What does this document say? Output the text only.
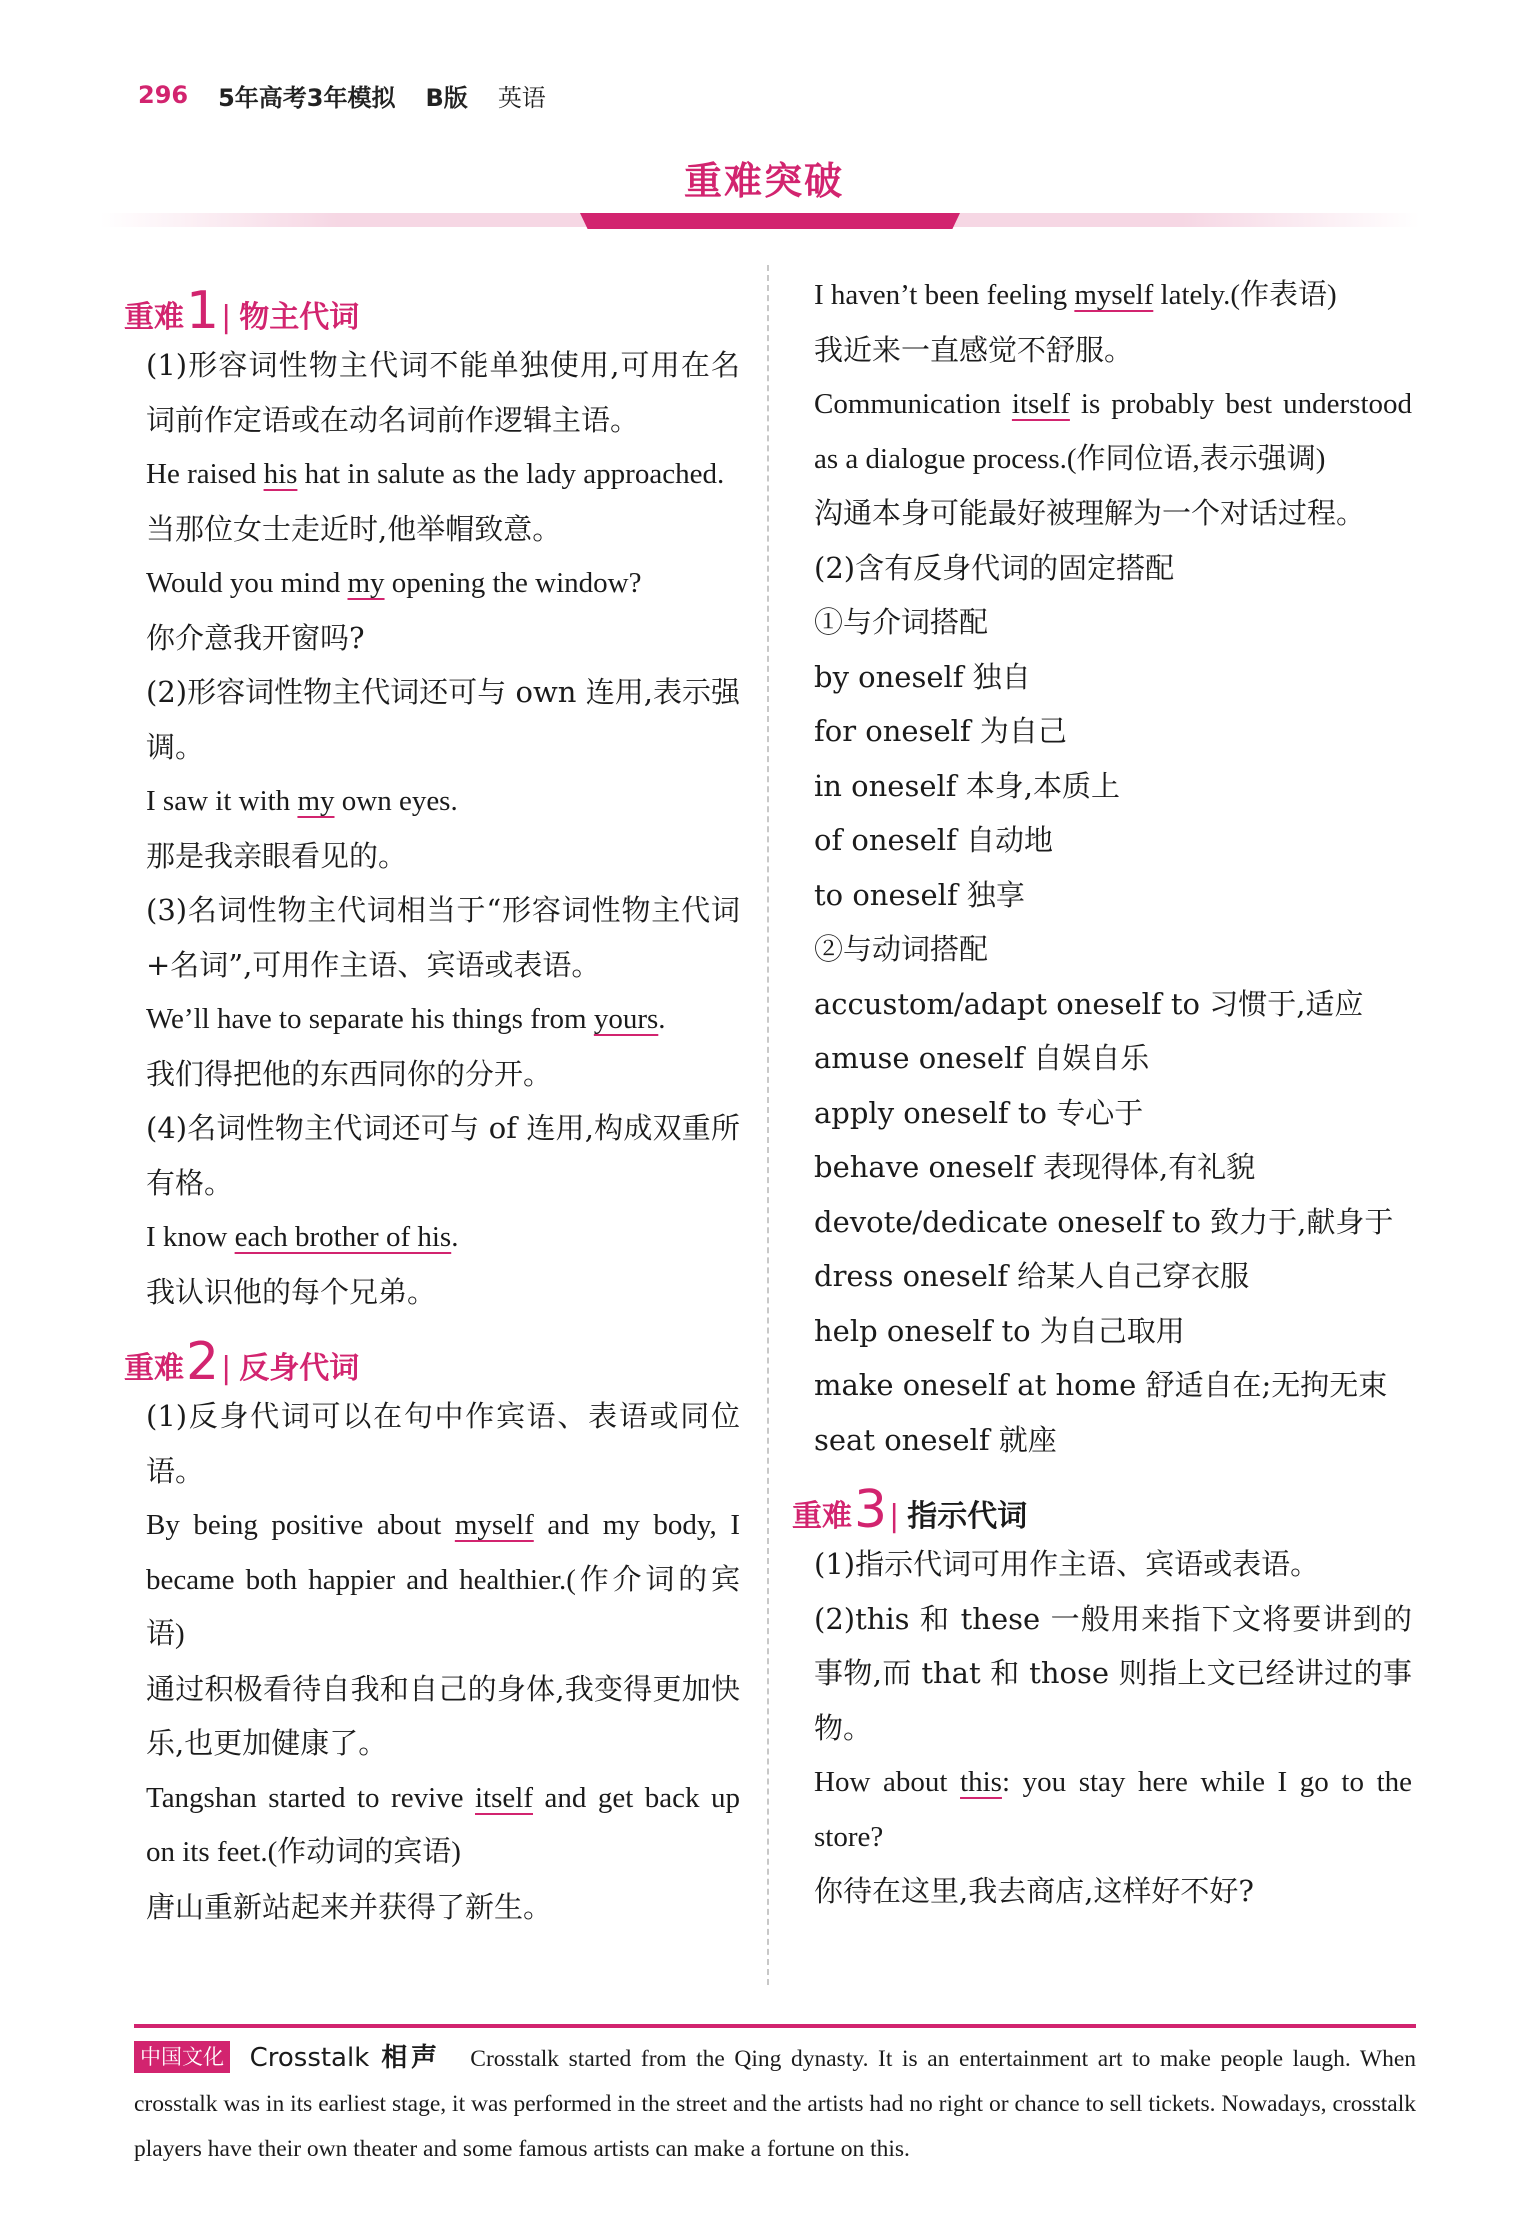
296 5年高考3年模拟 B版 英语
重难突破
重难 1 | 物主代词

(1)形容词性物主代词不能单独使用,可用在名词前作定语或在动名词前作逻辑主语。

He raised his hat in salute as the lady approached.

当那位女士走近时,他举帽致意。

Would you mind my opening the window?

你介意我开窗吗?

(2)形容词性物主代词还可与 own 连用,表示强调。

I saw it with my own eyes.

那是我亲眼看见的。

(3)名词性物主代词相当于“形容词性物主代词+名词”,可用作主语、宾语或表语。

We’ll have to separate his things from yours.

我们得把他的东西同你的分开。

(4)名词性物主代词还可与 of 连用,构成双重所有格。

I know each brother of his.

我认识他的每个兄弟。

重难 2 | 反身代词

(1)反身代词可以在句中作宾语、表语或同位语。

By being positive about myself and my body, I became both happier and healthier.(作介词的宾语)

通过积极看待自我和自己的身体,我变得更加快乐,也更加健康了。

Tangshan started to revive itself and get back up on its feet.(作动词的宾语)

唐山重新站起来并获得了新生。

I haven’t been feeling myself lately.(作表语)

我近来一直感觉不舒服。

Communication itself is probably best understood as a dialogue process.(作同位语,表示强调)

沟通本身可能最好被理解为一个对话过程。

(2)含有反身代词的固定搭配

①与介词搭配

by oneself 独自

for oneself 为自己

in oneself 本身,本质上

of oneself 自动地

to oneself 独享

②与动词搭配

accustom/adapt oneself to 习惯于,适应

amuse oneself 自娱自乐

apply oneself to 专心于

behave oneself 表现得体,有礼貌

devote/dedicate oneself to 致力于,献身于

dress oneself 给某人自己穿衣服

help oneself to 为自己取用

make oneself at home 舒适自在;无拘无束

seat oneself 就座

重难 3 | 指示代词

(1)指示代词可用作主语、宾语或表语。

(2)this 和 these 一般用来指下文将要讲到的事物,而 that 和 those 则指上文已经讲过的事物。

How about this: you stay here while I go to the store?

你待在这里,我去商店,这样好不好?

中国文化 Crosstalk 相声 Crosstalk started from the Qing dynasty. It is an entertainment art to make people laugh. When crosstalk was in its earliest stage, it was performed in the street and the artists had no right or chance to sell tickets. Nowadays, crosstalk players have their own theater and some famous artists can make a fortune on this.
